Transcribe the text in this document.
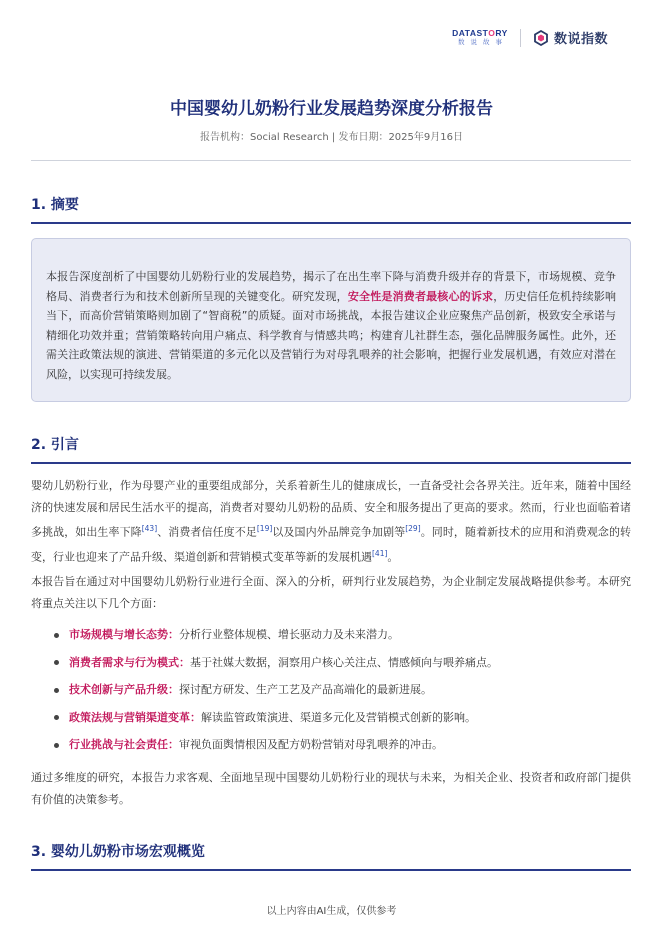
DATASTORY
数说故事	数说指数
中国婴幼儿奶粉行业发展趋势深度分析报告
报告机构：Social Research | 发布日期：2025年9月16日
1. 摘要
本报告深度剖析了中国婴幼儿奶粉行业的发展趋势，揭示了在出生率下降与消费升级并存的背景下，市场规模、竞争格局、消费者行为和技术创新所呈现的关键变化。研究发现，安全性是消费者最核心的诉求，历史信任危机持续影响当下，而高价营销策略则加剧了“智商税”的质疑。面对市场挑战，本报告建议企业应聚焦产品创新，极致安全承诺与精细化功效并重；营销策略转向用户痛点、科学教育与情感共鸣；构建育儿社群生态，强化品牌服务属性。此外，还需关注政策法规的演进、营销渠道的多元化以及营销行为对母乳喂养的社会影响，把握行业发展机遇，有效应对潜在风险，以实现可持续发展。
2. 引言

婴幼儿奶粉行业，作为母婴产业的重要组成部分，关系着新生儿的健康成长，一直备受社会各界关注。近年来，随着中国经济的快速发展和居民生活水平的提高，消费者对婴幼儿奶粉的品质、安全和服务提出了更高的要求。然而，行业也面临着诸多挑战，如出生率下降[43]、消费者信任度不足[19]以及国内外品牌竞争加剧等[29]。同时，随着新技术的应用和消费观念的转变，行业也迎来了产品升级、渠道创新和营销模式变革等新的发展机遇[41]。

本报告旨在通过对中国婴幼儿奶粉行业进行全面、深入的分析，研判行业发展趋势，为企业制定发展战略提供参考。本研究将重点关注以下几个方面：

市场规模与增长态势：分析行业整体规模、增长驱动力及未来潜力。
消费者需求与行为模式：基于社媒大数据，洞察用户核心关注点、情感倾向与喂养痛点。
技术创新与产品升级：探讨配方研发、生产工艺及产品高端化的最新进展。
政策法规与营销渠道变革：解读监管政策演进、渠道多元化及营销模式创新的影响。
行业挑战与社会责任：审视负面舆情根因及配方奶粉营销对母乳喂养的冲击。

通过多维度的研究，本报告力求客观、全面地呈现中国婴幼儿奶粉行业的现状与未来，为相关企业、投资者和政府部门提供有价值的决策参考。

3. 婴幼儿奶粉市场宏观概览
以上内容由AI生成，仅供参考
